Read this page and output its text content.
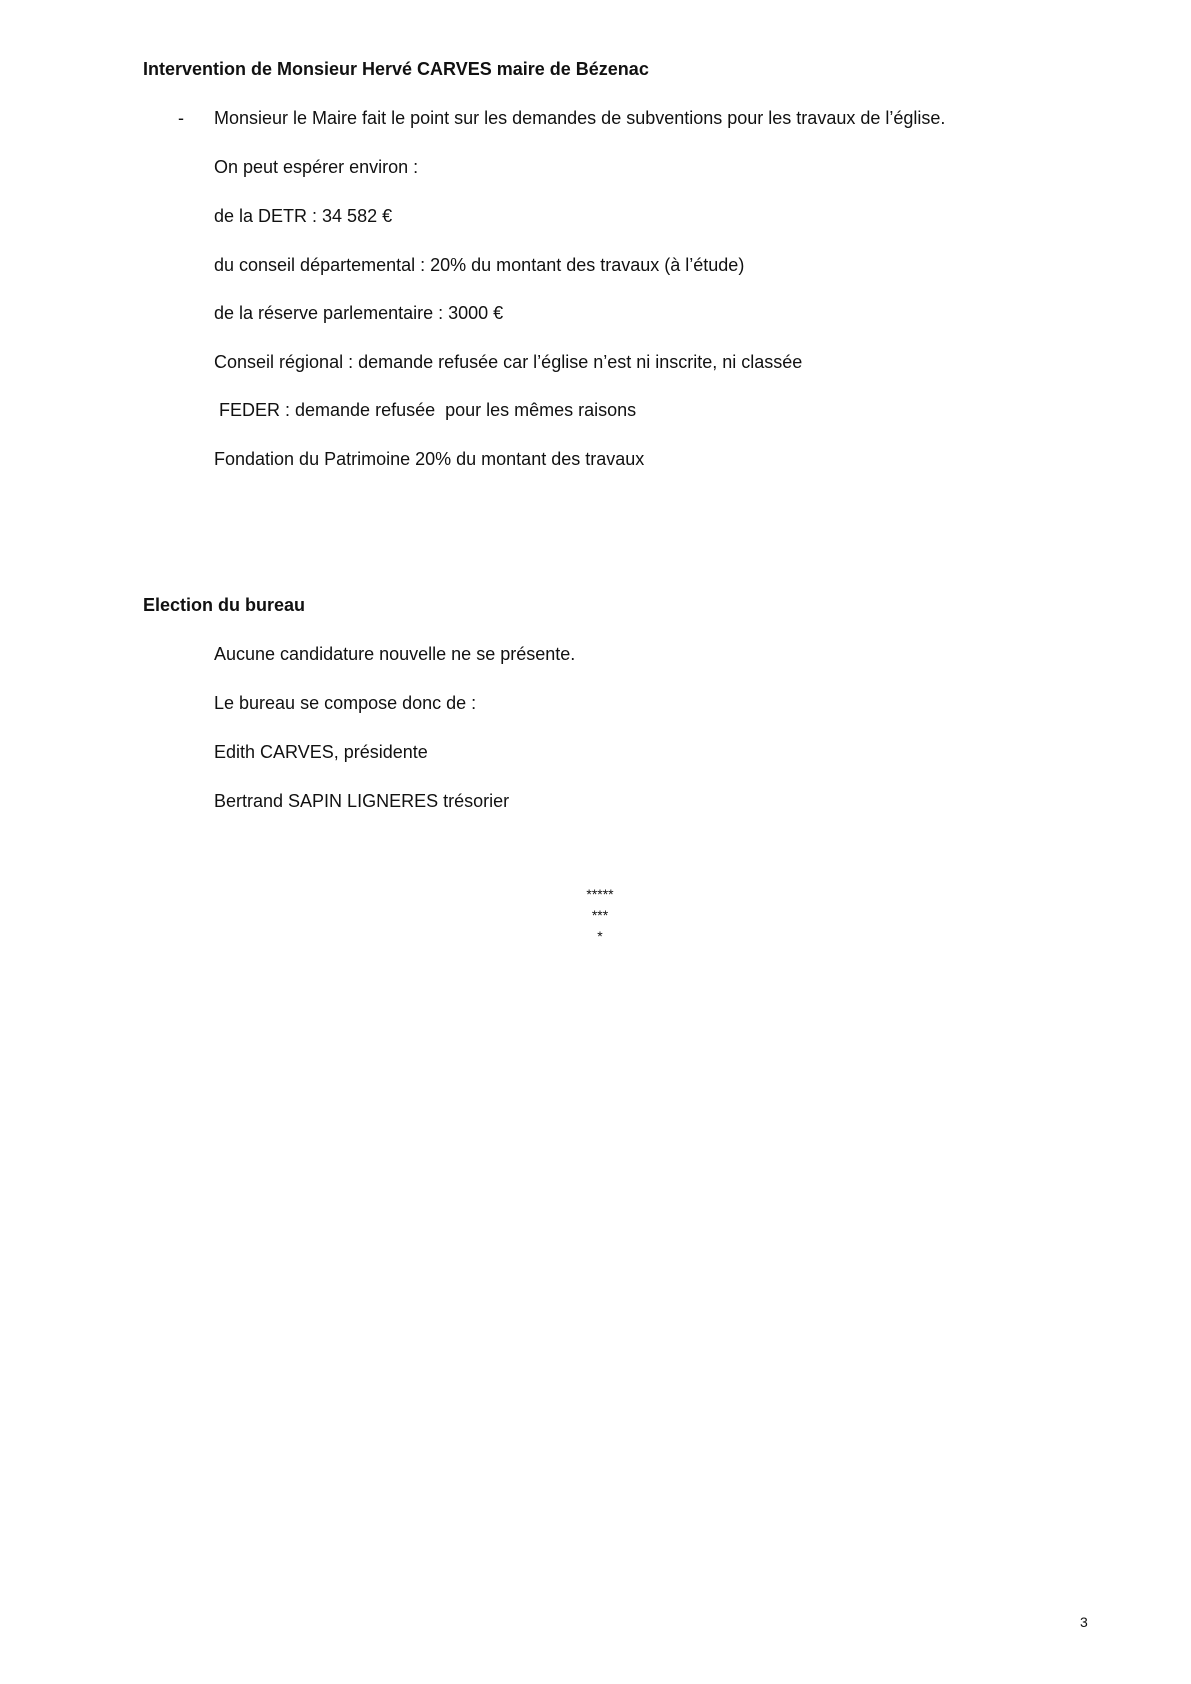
Intervention de Monsieur Hervé CARVES maire de Bézenac
- Monsieur le Maire fait le point sur les demandes de subventions pour les travaux de l’église.
On peut espérer environ :
de la DETR : 34 582 €
du conseil départemental : 20% du montant des travaux (à l’étude)
de la réserve parlementaire : 3000 €
Conseil régional : demande refusée car l’église n’est ni inscrite, ni classée
FEDER : demande refusée  pour les mêmes raisons
Fondation du Patrimoine 20% du montant des travaux
Election du bureau
Aucune candidature nouvelle ne se présente.
Le bureau se compose donc de :
Edith CARVES, présidente
Bertrand SAPIN LIGNERES trésorier
*****
***
*
3
